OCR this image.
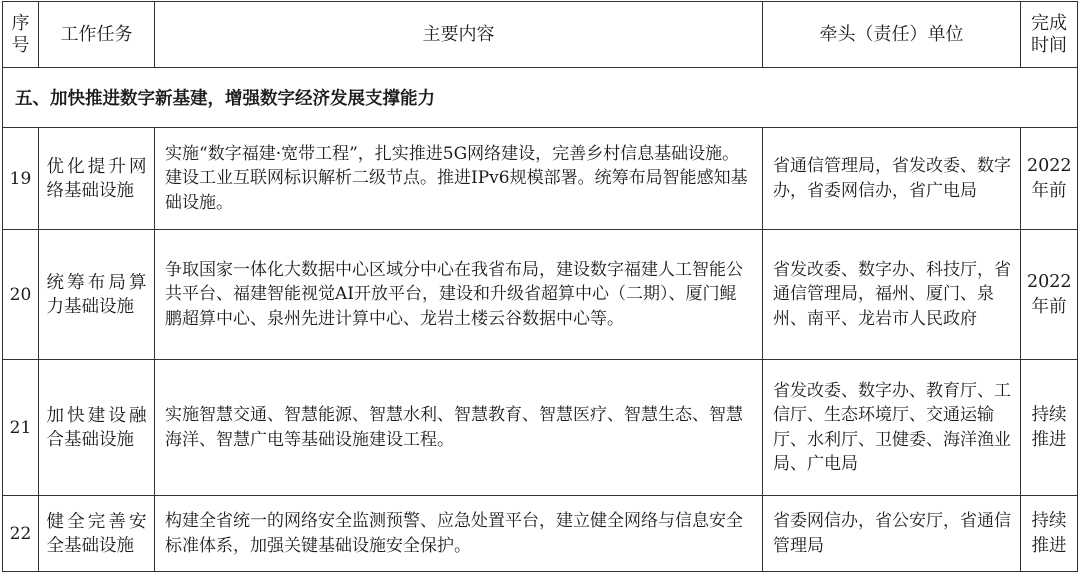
序号	工作任务	主要内容	牵头（责任）单位	完成时间
五、加快推进数字新基建，增强数字经济发展支撑能力				
19	优化提升网络基础设施	实施“数字福建·宽带工程”，扎实推进5G网络建设，完善乡村信息基础设施。建设工业互联网标识解析二级节点。推进IPv6规模部署。统筹布局智能感知基础设施。	省通信管理局，省发改委、数字办，省委网信办，省广电局	2022年前
20	统筹布局算力基础设施	争取国家一体化大数据中心区域分中心在我省布局，建设数字福建人工智能公共平台、福建智能视觉AI开放平台，建设和升级省超算中心（二期）、厦门鲲鹏超算中心、泉州先进计算中心、龙岩土楼云谷数据中心等。	省发改委、数字办、科技厅，省通信管理局，福州、厦门、泉州、南平、龙岩市人民政府	2022年前
21	加快建设融合基础设施	实施智慧交通、智慧能源、智慧水利、智慧教育、智慧医疗、智慧生态、智慧海洋、智慧广电等基础设施建设工程。	省发改委、数字办、教育厅、工信厅、生态环境厅、交通运输厅、水利厅、卫健委、海洋渔业局、广电局	持续推进
22	健全完善安全基础设施	构建全省统一的网络安全监测预警、应急处置平台，建立健全网络与信息安全标准体系，加强关键基础设施安全保护。	省委网信办，省公安厅，省通信管理局	持续推进
